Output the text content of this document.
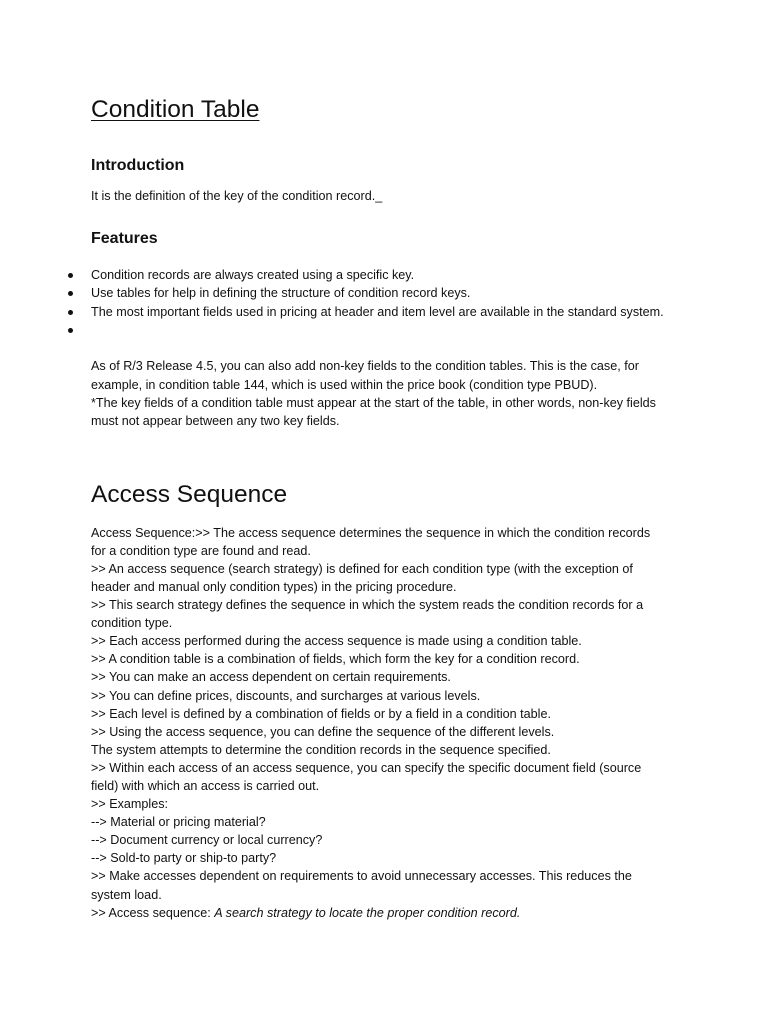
Condition Table
Introduction

It is the definition of the key of the condition record._

Features
Condition records are always created using a specific key.
Use tables for help in defining the structure of condition record keys.
The most important fields used in pricing at header and item level are available in the standard system.

As of R/3 Release 4.5, you can also add non-key fields to the condition tables. This is the case, for example, in condition table 144, which is used within the price book (condition type PBUD).
*The key fields of a condition table must appear at the start of the table, in other words, non-key fields must not appear between any two key fields.

Access Sequence
Access Sequence:>> The access sequence determines the sequence in which the condition records
for a condition type are found and read.
>> An access sequence (search strategy) is defined for each condition type (with the exception of
header and manual only condition types) in the pricing procedure.
>> This search strategy defines the sequence in which the system reads the condition records for a
condition type.
>> Each access performed during the access sequence is made using a condition table.
>> A condition table is a combination of fields, which form the key for a condition record.
>> You can make an access dependent on certain requirements.
>> You can define prices, discounts, and surcharges at various levels.
>> Each level is defined by a combination of fields or by a field in a condition table.
>> Using the access sequence, you can define the sequence of the different levels.
The system attempts to determine the condition records in the sequence specified.
>> Within each access of an access sequence, you can specify the specific document field (source
field) with which an access is carried out.
>> Examples:
--> Material or pricing material?
--> Document currency or local currency?
--> Sold-to party or ship-to party?
>> Make accesses dependent on requirements to avoid unnecessary accesses. This reduces the
system load.
>> Access sequence: A search strategy to locate the proper condition record.
